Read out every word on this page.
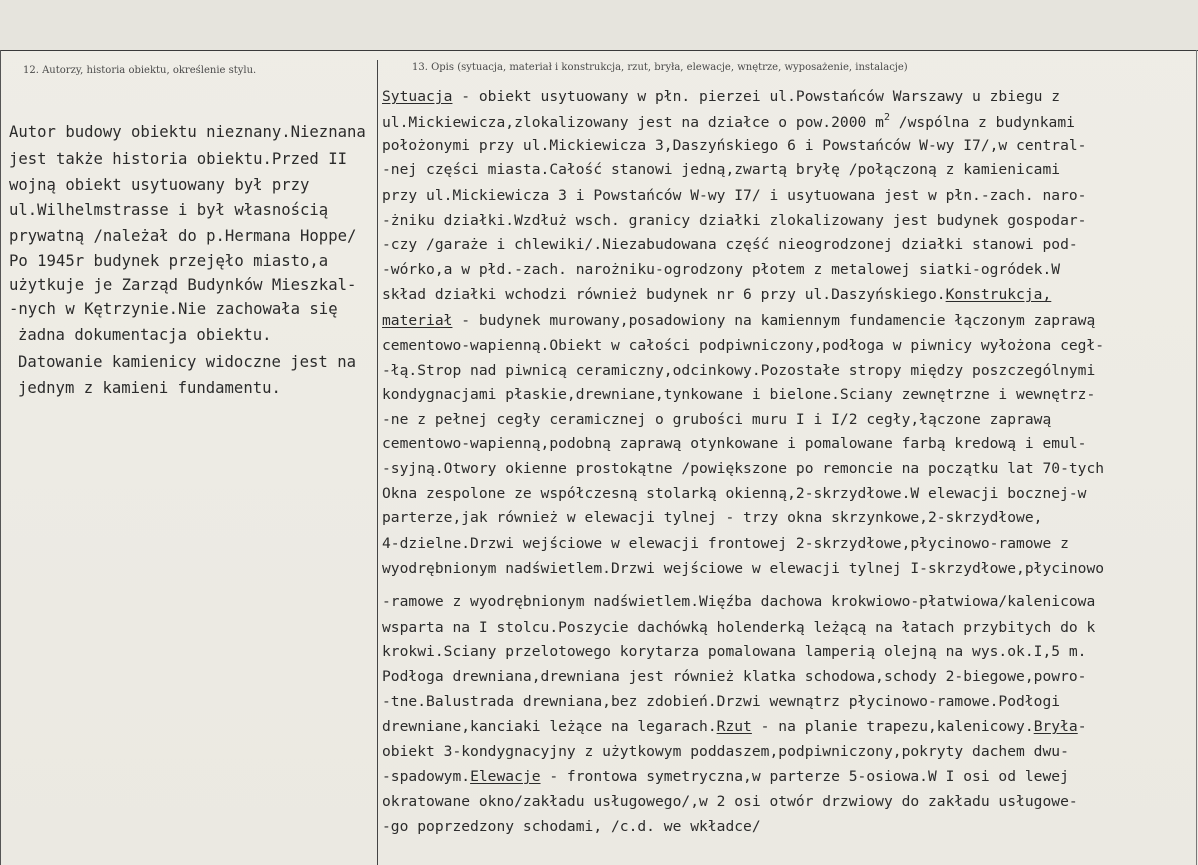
12. Autorzy, historia obiektu, określenie stylu.	13. Opis (sytuacja, materiał i konstrukcja, rzut, bryła, elewacje, wnętrze, wyposażenie, instalacje)
Autor budowy obiektu nieznany.Nieznana
jest także historia obiektu.Przed II
wojną obiekt usytuowany był przy
ul.Wilhelmstrasse i był własnością
prywatną /należał do p.Hermana Hoppe/
Po 1945r budynek przejęło miasto,a
użytkuje je Zarząd Budynków Mieszkal-
-nych w Kętrzynie.Nie zachowała się
żadna dokumentacja obiektu.
Datowanie kamienicy widoczne jest na
jednym z kamieni fundamentu.
Sytuacja - obiekt usytuowany w płn. pierzei ul.Powstańców Warszawy u zbiegu z
ul.Mickiewicza,zlokalizowany jest na działce o pow.2000 $m^2$ /wspólna z budynkami
położonymi przy ul.Mickiewicza 3,Daszyńskiego 6 i Powstańców W-wy I7/,w central-
-nej części miasta.Całość stanowi jedną,zwartą bryłę /połączoną z kamienicami
przy ul.Mickiewicza 3 i Powstańców W-wy I7/ i usytuowana jest w płn.-zach. naro-
-żniku działki.Wzdłuż wsch. granicy działki zlokalizowany jest budynek gospodar-
-czy /garaże i chlewiki/.Niezabudowana część nieogrodzonej działki stanowi pod-
-wórko,a w płd.-zach. narożniku-ogrodzony płotem z metalowej siatki-ogródek.W
skład działki wchodzi również budynek nr 6 przy ul.Daszyńskiego.Konstrukcja,
materiał - budynek murowany,posadowiony na kamiennym fundamencie łączonym zaprawą
cementowo-wapienną.Obiekt w całości podpiwniczony,podłoga w piwnicy wyłożona cegł-
-łą.Strop nad piwnicą ceramiczny,odcinkowy.Pozostałe stropy między poszczególnymi
kondygnacjami płaskie,drewniane,tynkowane i bielone.Sciany zewnętrzne i wewnętrz-
-ne z pełnej cegły ceramicznej o grubości muru I i I/2 cegły,łączone zaprawą
cementowo-wapienną,podobną zaprawą otynkowane i pomalowane farbą kredową i emul-
-syjną.Otwory okienne prostokątne /powiększone po remoncie na początku lat 70-tych
Okna zespolone ze współczesną stolarką okienną,2-skrzydłowe.W elewacji bocznej-w
parterze,jak również w elewacji tylnej - trzy okna skrzynkowe,2-skrzydłowe,
4-dzielne.Drzwi wejściowe w elewacji frontowej 2-skrzydłowe,płycinowo-ramowe z
wyodrębnionym nadświetlem.Drzwi wejściowe w elewacji tylnej I-skrzydłowe,płycinowo
-ramowe z wyodrębnionym nadświetlem.Więźba dachowa krokwiowo-płatwiowa/kalenicowa
wsparta na I stolcu.Poszycie dachówką holenderką leżącą na łatach przybitych do k
krokwi.Sciany przelotowego korytarza pomalowana lamperią olejną na wys.ok.I,5 m.
Podłoga drewniana,drewniana jest również klatka schodowa,schody 2-biegowe,powro-
-tne.Balustrada drewniana,bez zdobień.Drzwi wewnątrz płycinowo-ramowe.Podłogi
drewniane,kanciaki leżące na legarach.Rzut - na planie trapezu,kalenicowy.Bryła-
obiekt 3-kondygnacyjny z użytkowym poddaszem,podpiwniczony,pokryty dachem dwu-
-spadowym.Elewacje - frontowa symetryczna,w parterze 5-osiowa.W I osi od lewej
okratowane okno/zakładu usługowego/,w 2 osi otwór drzwiowy do zakładu usługowe-
-go poprzedzony schodami, /c.d. we wkładce/
